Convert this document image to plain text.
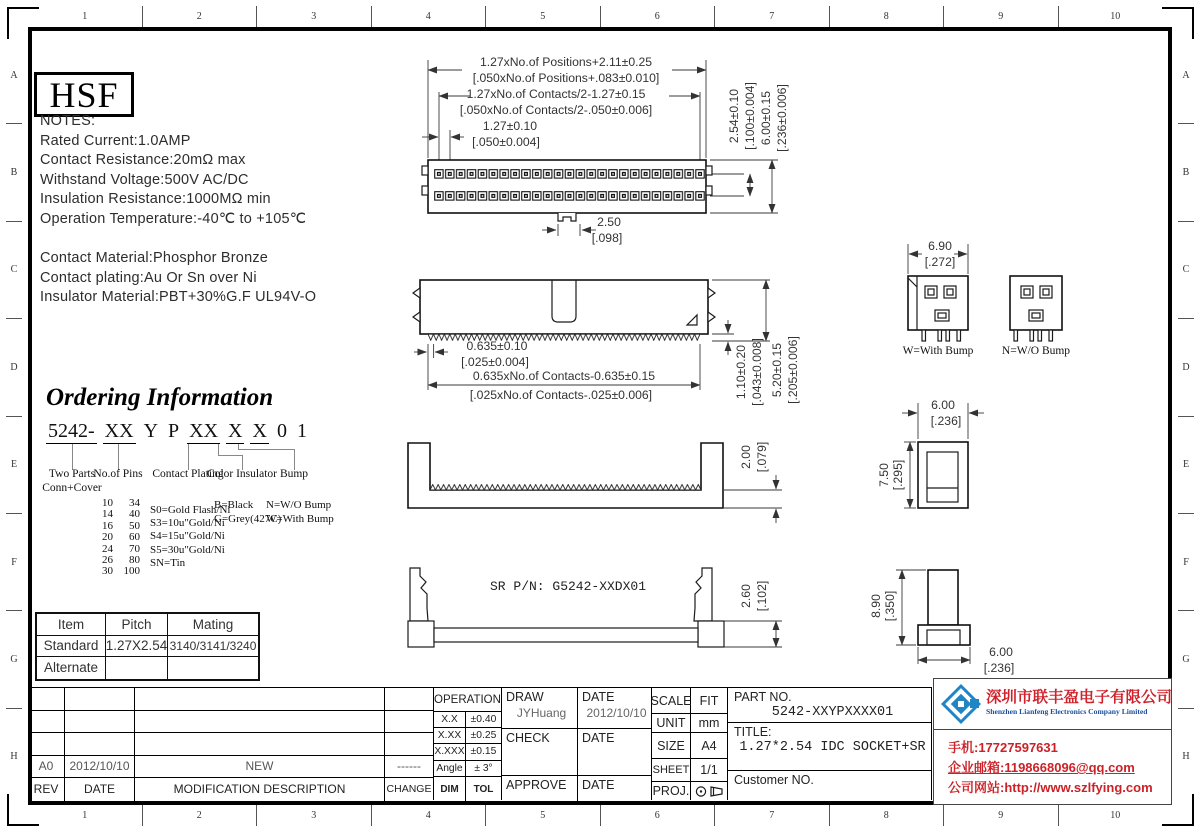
1	2	3	4	5	6	7	8	9	10
1	2	3	4	5	6	7	8	9	10
A
B
C
D
E
F
G
H
A
B
C
D
E
F
G
H
HSF
NOTES:
Rated Current:1.0AMP
Contact Resistance:20mΩ max
Withstand Voltage:500V AC/DC
Insulation Resistance:1000MΩ min
Operation Temperature:-40℃ to +105℃
Contact Material:Phosphor Bronze
Contact plating:Au Or Sn over Ni
Insulator Material:PBT+30%G.F UL94V-O
1.27xNo.of Positions+2.11±0.25
[.050xNo.of Positions+.083±0.010]
1.27xNo.of Contacts/2-1.27±0.15
[.050xNo.of Contacts/2-.050±0.006]
1.27±0.10
[.050±0.004]	2.54±0.10 [.100±0.004] 6.00±0.15 [.236±0.006]
2.50
[.098]
0.635±0.10
[.025±0.004]
0.635xNo.of Contacts-0.635±0.15
[.025xNo.of Contacts-.025±0.006]	1.10±0.20 [.043±0.008] 5.20±0.15 [.205±0.006]
6.90
[.272]
W=With Bump N=W/O Bump
2.00 [.079]
6.00
[.236]
7.50 [.295]
SR P/N: G5242-XXDX01	2.60 [.102]	8.90 [.350]
6.00
[.236]
Ordering Information
5242- XX Y P XX X X 0 1
Two Parts
Conn+Cover
No.of Pins Contact Plating
Color Insulator Bump
10	34
14	40
16	50
20	60
24	70
26	80
30 100
S0=Gold Flash/Ni
S3=10u"Gold/Ni
S4=15u"Gold/Ni
S5=30u"Gold/Ni
SN=Tin
B=Black
G=Grey(427C)
N=W/O Bump
W=With Bump
Item	Pitch	Mating
Standard 1.27X2.54 3140/3141/3240
Alternate
A0	2012/10/10	NEW	------
REV	DATE	MODIFICATION DESCRIPTION	CHANGE
OPERATION
X.X	±0.40
X.XX ±0.25
X.XXX ±0.15
Angle	± 3°
DIM	TOL
DRAW
JYHuang
DATE
2012/10/10
CHECK	DATE
APPROVE	DATE
SCALE FIT
UNIT	mm
SIZE	A4
SHEET 1/1
PROJ.
PART NO.
5242-XXYPXXXX01
TITLE:
1.27*2.54 IDC SOCKET+SR
Customer NO.
深圳市联丰盈电子有限公司
Shenzhen Lianfeng Electronics Company Limited
手机:17727597631
企业邮箱:1198668096@qq.com
公司网站:http://www.szlfying.com
